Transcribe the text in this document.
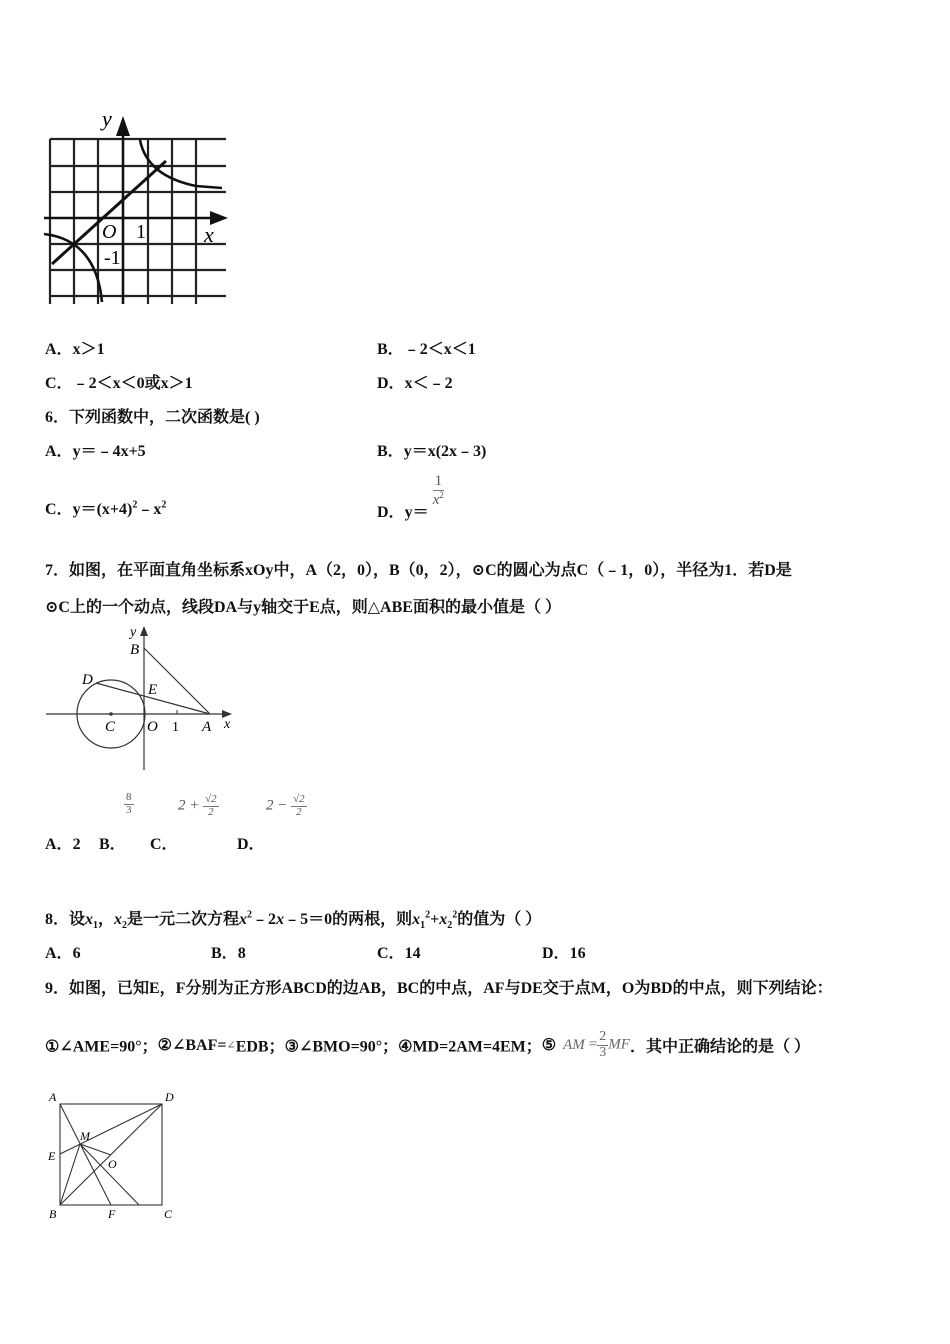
y
x
O 1
-1
A．x＞1	B．﹣2＜x＜1
C．﹣2＜x＜0或x＞1	D．x＜﹣2
6．下列函数中，二次函数是( )
A．y＝﹣4x+5	B．y＝x(2x﹣3)
C．$y=(x+4)^2﹣x^2$	D．y＝
$\frac{1}{x^2}$
7．如图，在平面直角坐标系xOy中，A（2，0），B（0，2），⊙C的圆心为点C（﹣1，0），半径为1．若D是
⊙C上的一个动点，线段DA与y轴交于E点，则△ABE面积的最小值是（ ）
y
x
B
D
E
C O 1 A
$\frac{8}{3}$	$2 + \frac{√2}{2}$	$2 - \frac{√2}{2}$
A．2 B． C．	D．
8．设$x_1$，$x_2$是一元二次方程$x^2﹣2x﹣5=0$的两根，则$x_1^2+x_2^2$的值为（ ）
A．6	B．8	C．14	D．16
9．如图，已知E，F分别为正方形ABCD的边AB，BC的中点，AF与DE交于点M，O为BD的中点，则下列结论：
①∠AME=90°；②∠BAF=∠EDB；③∠BMO=90°；④MD=2AM=4EM；⑤ AM = $\frac{2}{3}$ MF．其中正确结论的是（ ）
A	D
M
E
O
B	F	C
